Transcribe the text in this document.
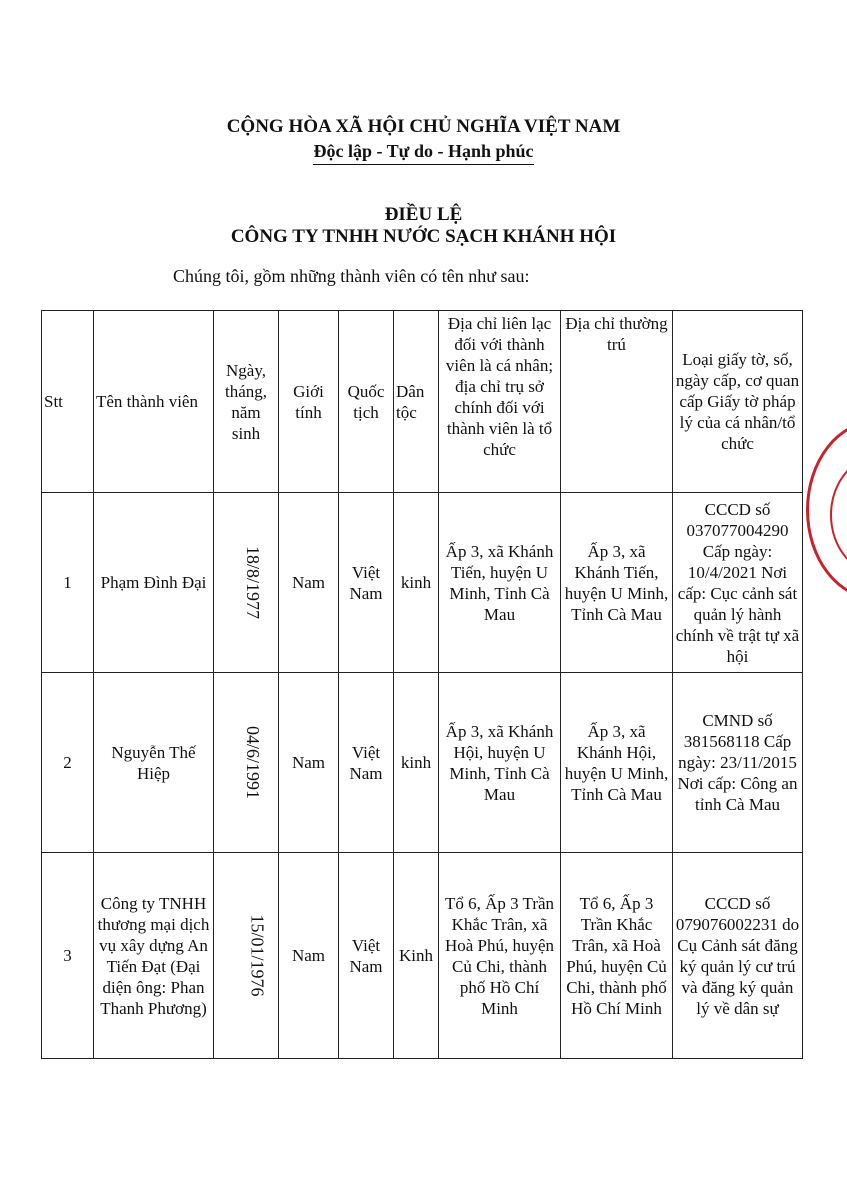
CỘNG HÒA XÃ HỘI CHỦ NGHĨA VIỆT NAM
Độc lập - Tự do - Hạnh phúc
ĐIỀU LỆ
CÔNG TY TNHH NƯỚC SẠCH KHÁNH HỘI
Chúng tôi, gồm những thành viên có tên như sau:
Stt	Tên thành viên	Ngày, tháng, năm sinh	Giới tính	Quốc tịch	Dân tộc	Địa chỉ liên lạc đối với thành viên là cá nhân; địa chỉ trụ sở chính đối với thành viên là tổ chức	Địa chỉ thường trú	Loại giấy tờ, số, ngày cấp, cơ quan cấp Giấy tờ pháp lý của cá nhân/tổ chức
1	Phạm Đình Đại	18/8/1977	Nam	Việt Nam	kinh	Ấp 3, xã Khánh Tiến, huyện U Minh, Tỉnh Cà Mau	Ấp 3, xã Khánh Tiến, huyện U Minh, Tỉnh Cà Mau	CCCD số 037077004290 Cấp ngày: 10/4/2021 Nơi cấp: Cục cảnh sát quản lý hành chính về trật tự xã hội
2	Nguyễn Thế Hiệp	04/6/1991	Nam	Việt Nam	kinh	Ấp 3, xã Khánh Hội, huyện U Minh, Tỉnh Cà Mau	Ấp 3, xã Khánh Hội, huyện U Minh, Tỉnh Cà Mau	CMND số 381568118 Cấp ngày: 23/11/2015 Nơi cấp: Công an tỉnh Cà Mau
3	Công ty TNHH thương mại dịch vụ xây dựng An Tiến Đạt (Đại diện ông: Phan Thanh Phương)	15/01/1976	Nam	Việt Nam	Kinh	Tổ 6, Ấp 3 Trần Khắc Trân, xã Hoà Phú, huyện Củ Chi, thành phố Hồ Chí Minh	Tổ 6, Ấp 3 Trần Khắc Trân, xã Hoà Phú, huyện Củ Chi, thành phố Hồ Chí Minh	CCCD số 079076002231 do Cụ Cảnh sát đăng ký quản lý cư trú và đăng ký quản lý về dân sự
